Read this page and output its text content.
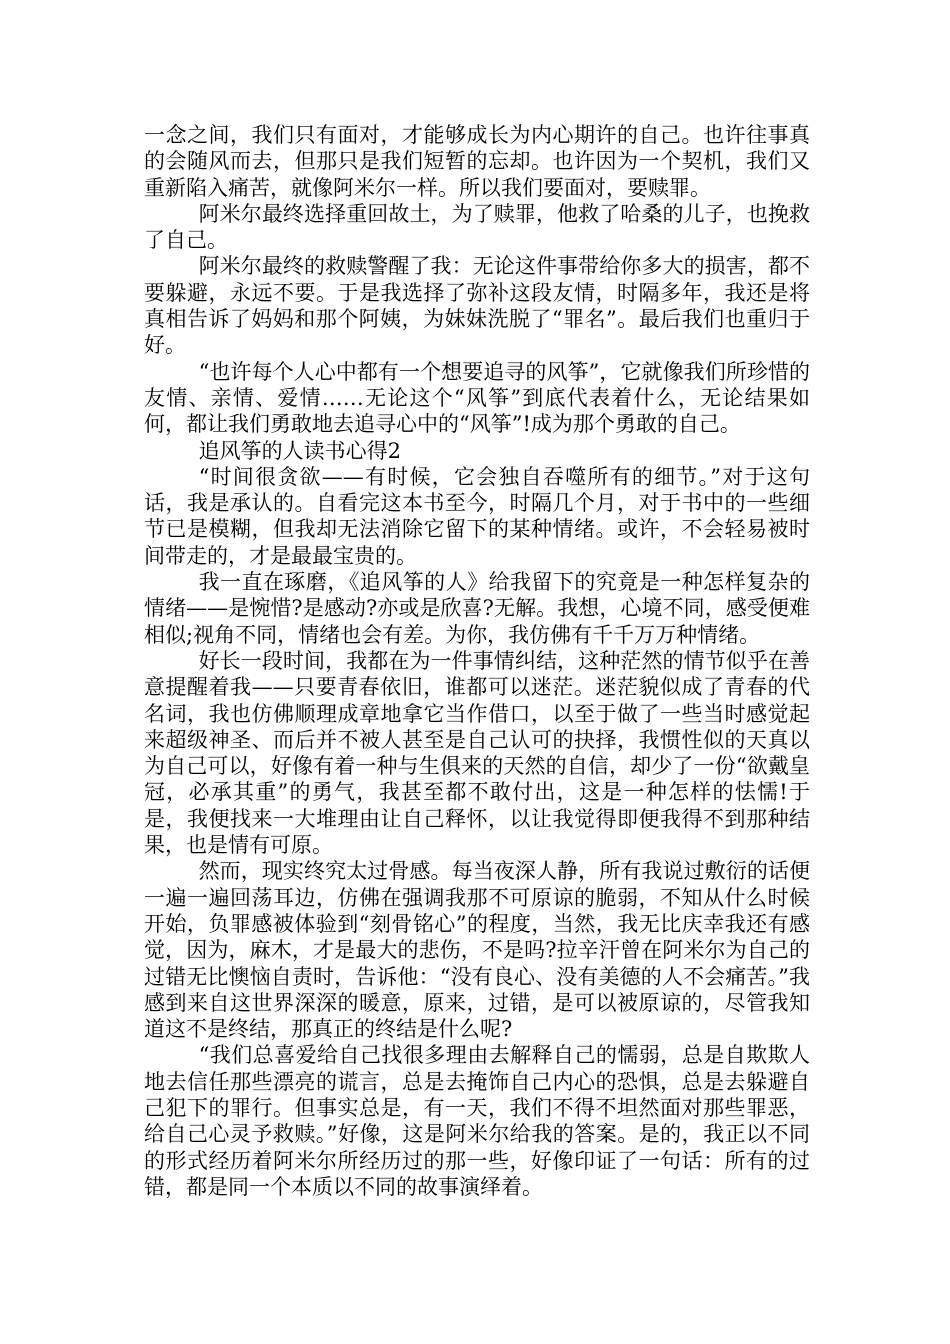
一念之间，我们只有面对，才能够成长为内心期许的自己。也许往事真的会随风而去，但那只是我们短暂的忘却。也许因为一个契机，我们又重新陷入痛苦，就像阿米尔一样。所以我们要面对，要赎罪。

阿米尔最终选择重回故土，为了赎罪，他救了哈桑的儿子，也挽救了自己。

阿米尔最终的救赎警醒了我：无论这件事带给你多大的损害，都不要躲避，永远不要。于是我选择了弥补这段友情，时隔多年，我还是将真相告诉了妈妈和那个阿姨，为妹妹洗脱了“罪名”。最后我们也重归于好。

“也许每个人心中都有一个想要追寻的风筝”，它就像我们所珍惜的友情、亲情、爱情……无论这个“风筝”到底代表着什么，无论结果如何，都让我们勇敢地去追寻心中的“风筝”!成为那个勇敢的自己。

追风筝的人读书心得2

“时间很贪欲——有时候，它会独自吞噬所有的细节。”对于这句话，我是承认的。自看完这本书至今，时隔几个月，对于书中的一些细节已是模糊，但我却无法消除它留下的某种情绪。或许，不会轻易被时间带走的，才是最最宝贵的。

我一直在琢磨，《追风筝的人》给我留下的究竟是一种怎样复杂的情绪——是惋惜?是感动?亦或是欣喜?无解。我想，心境不同，感受便难相似;视角不同，情绪也会有差。为你，我仿佛有千千万万种情绪。

好长一段时间，我都在为一件事情纠结，这种茫然的情节似乎在善意提醒着我——只要青春依旧，谁都可以迷茫。迷茫貌似成了青春的代名词，我也仿佛顺理成章地拿它当作借口，以至于做了一些当时感觉起来超级神圣、而后并不被人甚至是自己认可的抉择，我惯性似的天真以为自己可以，好像有着一种与生俱来的天然的自信，却少了一份“欲戴皇冠，必承其重”的勇气，我甚至都不敢付出，这是一种怎样的怯懦!于是，我便找来一大堆理由让自己释怀，以让我觉得即便我得不到那种结果，也是情有可原。

然而，现实终究太过骨感。每当夜深人静，所有我说过敷衍的话便一遍一遍回荡耳边，仿佛在强调我那不可原谅的脆弱，不知从什么时候开始，负罪感被体验到“刻骨铭心”的程度，当然，我无比庆幸我还有感觉，因为，麻木，才是最大的悲伤，不是吗?拉辛汗曾在阿米尔为自己的过错无比懊恼自责时，告诉他：“没有良心、没有美德的人不会痛苦。”我感到来自这世界深深的暖意，原来，过错，是可以被原谅的，尽管我知道这不是终结，那真正的终结是什么呢?

“我们总喜爱给自己找很多理由去解释自己的懦弱，总是自欺欺人地去信任那些漂亮的谎言，总是去掩饰自己内心的恐惧，总是去躲避自己犯下的罪行。但事实总是，有一天，我们不得不坦然面对那些罪恶，给自己心灵予救赎。”好像，这是阿米尔给我的答案。是的，我正以不同的形式经历着阿米尔所经历过的那一些，好像印证了一句话：所有的过错，都是同一个本质以不同的故事演绎着。
